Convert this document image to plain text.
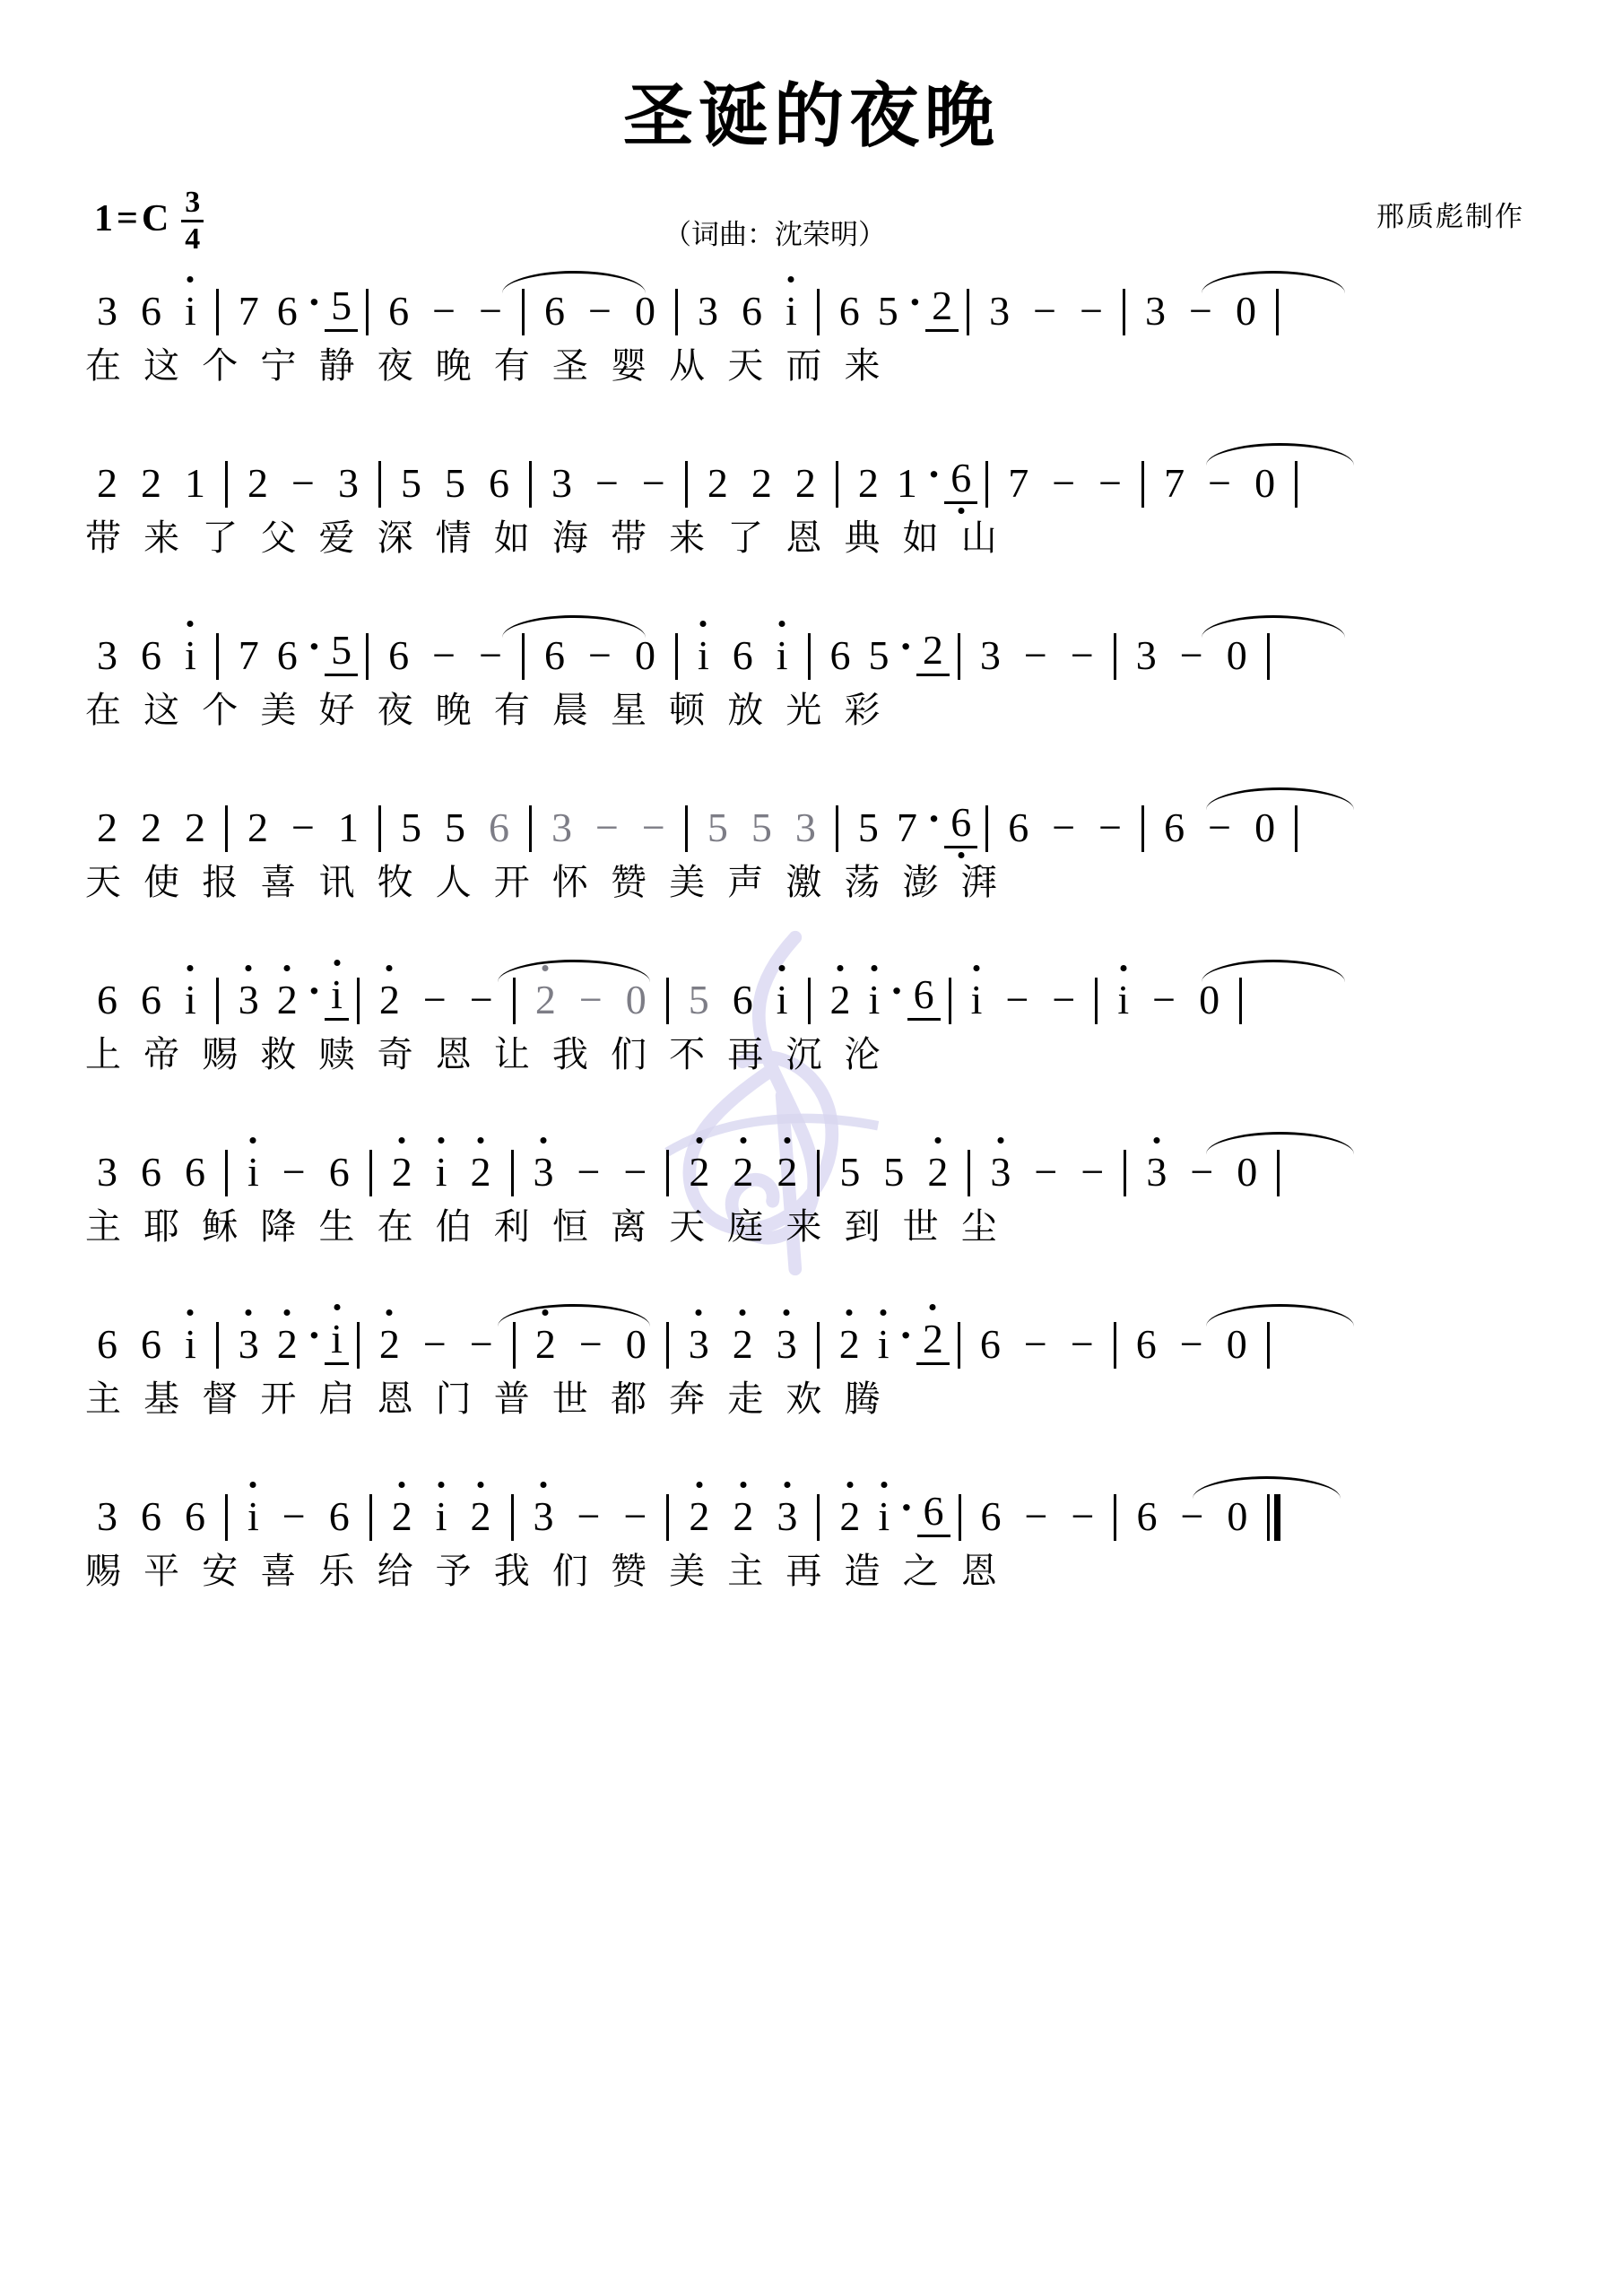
圣诞的夜晚
1 = C $\frac{3}{4}$	（词曲：沈荣明）
邢质彪制作
3 6 i 7 6 · 5 6 − − 6 − 0 3 6 i 6 5 · 2 3 − − 3 − 0
在 这 个 宁 静 夜 晚 有 圣 婴 从 天 而 来
2 2 1 2 − 3 5 5 6 3 − − 2 2 2 2 1 · 6 7 − − 7 − 0
带 来 了 父 爱 深 情 如 海 带 来 了 恩 典 如 山
3 6 i 7 6 · 5 6 − − 6 − 0 i 6 i 6 5 · 2 3 − − 3 − 0
在 这 个 美 好 夜 晚 有 晨 星 顿 放 光 彩
2 2 2 2 − 1 5 5 6 3 − − 5 5 3 5 7 · 6 6 − − 6 − 0
天 使 报 喜 讯 牧 人 开 怀 赞 美 声 激 荡 澎 湃
6 6 i 3 2 · i 2 − − 2 − 0 5 6 i 2 i · 6 i − − i − 0
上 帝 赐 救 赎 奇 恩 让 我 们 不 再 沉 沦
3 6 6 i − 6 2 i 2 3 − − 2 2 2 5 5 2 3 − − 3 − 0
主 耶 稣 降 生 在 伯 利 恒 离 天 庭 来 到 世 尘
6 6 i 3 2 · i 2 − − 2 − 0 3 2 3 2 i · 2 6 − − 6 − 0
主 基 督 开 启 恩 门 普 世 都 奔 走 欢 腾
3 6 6 i − 6 2 i 2 3 − − 2 2 3 2 i · 6 6 − − 6 − 0
赐 平 安 喜 乐 给 予 我 们 赞 美 主 再 造 之 恩
